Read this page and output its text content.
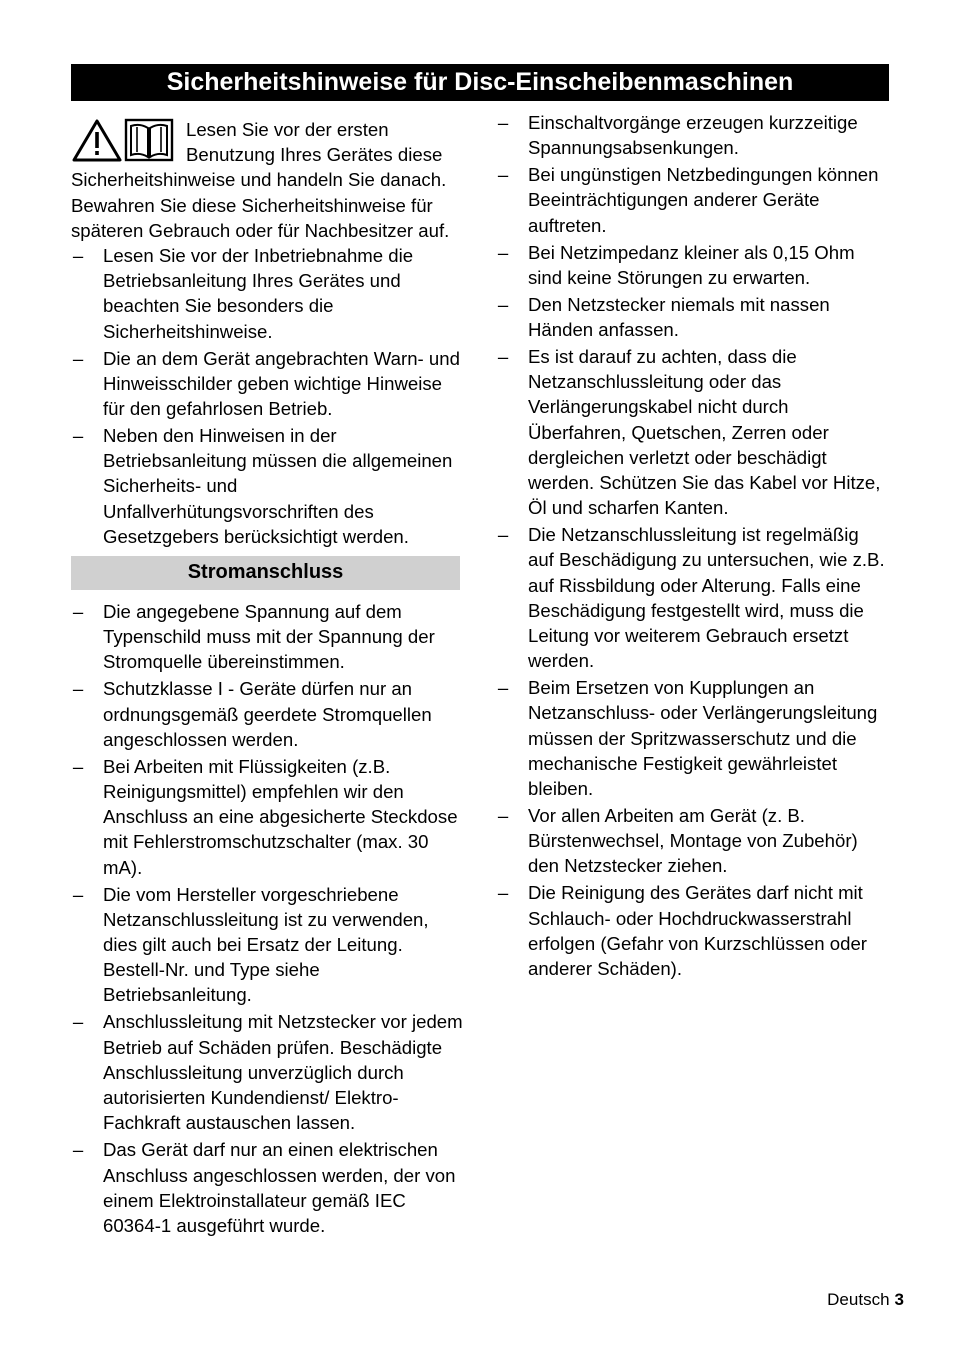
Sicherheitshinweise für Disc-Einscheibenmaschinen

Lesen Sie vor der ersten Benutzung Ihres Gerätes diese Sicherheitshinweise und handeln Sie danach. Bewahren Sie diese Sicherheitshinweise für späteren Gebrauch oder für Nachbesitzer auf.

– Lesen Sie vor der Inbetriebnahme die Betriebsanleitung Ihres Gerätes und beachten Sie besonders die Sicherheitshinweise.
– Die an dem Gerät angebrachten Warn- und Hinweisschilder geben wichtige Hinweise für den gefahrlosen Betrieb.
– Neben den Hinweisen in der Betriebsanleitung müssen die allgemeinen Sicherheits- und Unfallverhütungsvorschriften des Gesetzgebers berücksichtigt werden.
Stromanschluss
– Die angegebene Spannung auf dem Typenschild muss mit der Spannung der Stromquelle übereinstimmen.
– Schutzklasse I - Geräte dürfen nur an ordnungsgemäß geerdete Stromquellen angeschlossen werden.
– Bei Arbeiten mit Flüssigkeiten (z.B. Reinigungsmittel) empfehlen wir den Anschluss an eine abgesicherte Steckdose mit Fehlerstromschutzschalter (max. 30 mA).
– Die vom Hersteller vorgeschriebene Netzanschlussleitung ist zu verwenden, dies gilt auch bei Ersatz der Leitung. Bestell-Nr. und Type siehe Betriebsanleitung.
– Anschlussleitung mit Netzstecker vor jedem Betrieb auf Schäden prüfen. Beschädigte Anschlussleitung unverzüglich durch autorisierten Kundendienst/ Elektro-Fachkraft austauschen lassen.
– Das Gerät darf nur an einen elektrischen Anschluss angeschlossen werden, der von einem Elektroinstallateur gemäß IEC 60364-1 ausgeführt wurde.
– Einschaltvorgänge erzeugen kurzzeitige Spannungsabsenkungen.
– Bei ungünstigen Netzbedingungen können Beeinträchtigungen anderer Geräte auftreten.
– Bei Netzimpedanz kleiner als 0,15 Ohm sind keine Störungen zu erwarten.
– Den Netzstecker niemals mit nassen Händen anfassen.
– Es ist darauf zu achten, dass die Netzanschlussleitung oder das Verlängerungskabel nicht durch Überfahren, Quetschen, Zerren oder dergleichen verletzt oder beschädigt werden. Schützen Sie das Kabel vor Hitze, Öl und scharfen Kanten.
– Die Netzanschlussleitung ist regelmäßig auf Beschädigung zu untersuchen, wie z.B. auf Rissbildung oder Alterung. Falls eine Beschädigung festgestellt wird, muss die Leitung vor weiterem Gebrauch ersetzt werden.
– Beim Ersetzen von Kupplungen an Netzanschluss- oder Verlängerungsleitung müssen der Spritzwasserschutz und die mechanische Festigkeit gewährleistet bleiben.
– Vor allen Arbeiten am Gerät (z. B. Bürstenwechsel, Montage von Zubehör) den Netzstecker ziehen.
– Die Reinigung des Gerätes darf nicht mit Schlauch- oder Hochdruckwasserstrahl erfolgen (Gefahr von Kurzschlüssen oder anderer Schäden).
Deutsch 3
